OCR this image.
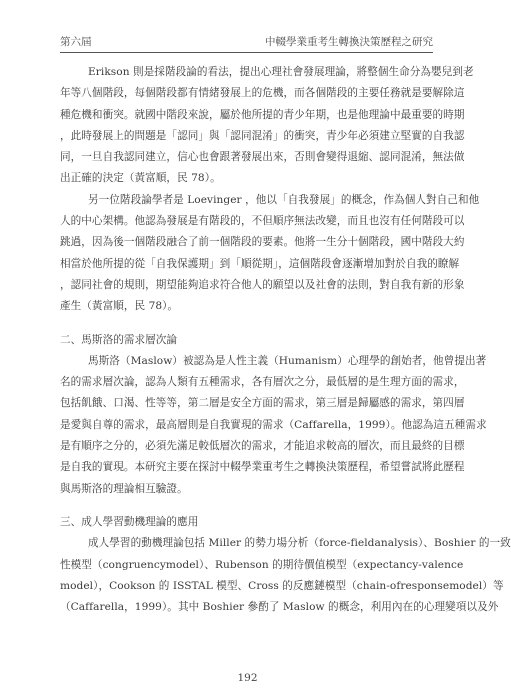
第六屆	中輟學業重考生轉換決策歷程之研究
Erikson 則是採階段論的看法，提出心理社會發展理論，將整個生命分為嬰兒到老
年等八個階段，每個階段都有情緒發展上的危機，而各個階段的主要任務就是要解除這
種危機和衝突。就國中階段來說，屬於他所提的青少年期，也是他理論中最重要的時期
，此時發展上的問題是「認同」與「認同混淆」的衝突，青少年必須建立堅實的自我認
同，一旦自我認同建立，信心也會跟著發展出來，否則會變得退縮、認同混淆，無法做
出正確的決定（黃富順，民 78）。
另一位階段論學者是 Loevinger ，他以「自我發展」的概念，作為個人對自己和他
人的中心架構。他認為發展是有階段的，不但順序無法改變，而且也沒有任何階段可以
跳過，因為後一個階段融合了前一個階段的要素。他將一生分十個階段，國中階段大約
相當於他所提的從「自我保護期」到「順從期」，這個階段會逐漸增加對於自我的瞭解
，認同社會的規則，期望能夠追求符合他人的願望以及社會的法則，對自我有新的形象
產生（黃富順，民 78）。
二、馬斯洛的需求層次論
馬斯洛（Maslow）被認為是人性主義（Humanism）心理學的創始者，他曾提出著
名的需求層次論，認為人類有五種需求，各有層次之分，最低層的是生理方面的需求，
包括飢餓、口渴、性等等，第二層是安全方面的需求，第三層是歸屬感的需求，第四層
是愛與自尊的需求，最高層則是自我實現的需求（Caffarella，1999）。他認為這五種需求
是有順序之分的，必須先滿足較低層次的需求，才能追求較高的層次，而且最終的目標
是自我的實現。本研究主要在探討中輟學業重考生之轉換決策歷程，希望嘗試將此歷程
與馬斯洛的理論相互驗證。
三、成人學習動機理論的應用
成人學習的動機理論包括 Miller 的勢力場分析（force-fieldanalysis）、Boshier 的一致
性模型（congruencymodel）、Rubenson 的期待價值模型（expectancy-valence
model），Cookson 的 ISSTAL 模型、Cross 的反應鏈模型（chain-ofresponsemodel）等
（Caffarella，1999）。其中 Boshier 參酌了 Maslow 的概念，利用內在的心理變項以及外
192
